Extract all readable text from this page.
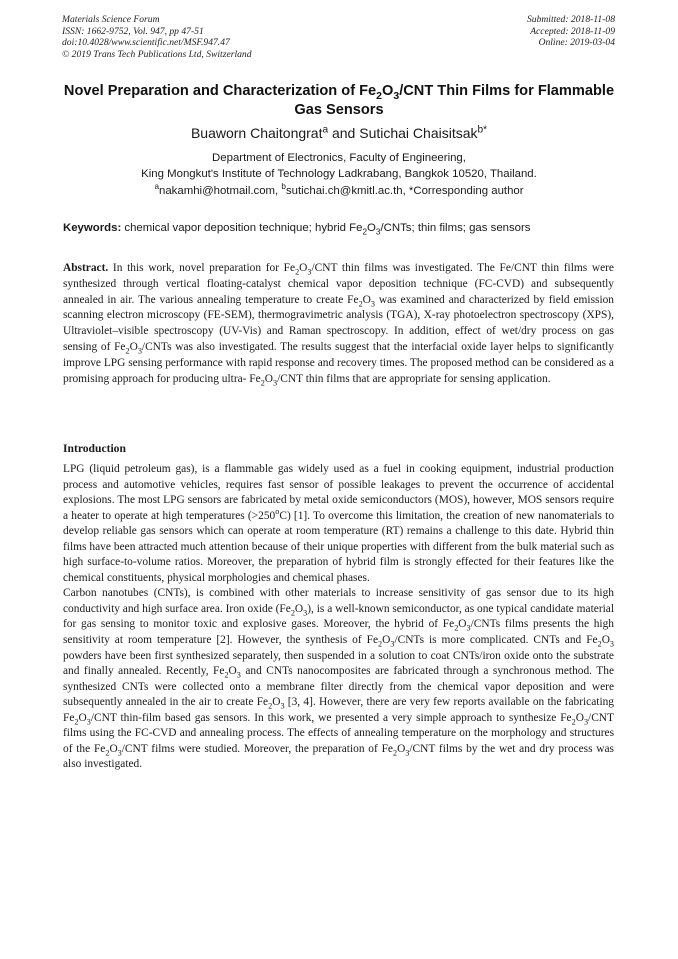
Materials Science Forum
ISSN: 1662-9752, Vol. 947, pp 47-51
doi:10.4028/www.scientific.net/MSF.947.47
© 2019 Trans Tech Publications Ltd, Switzerland
Submitted: 2018-11-08
Accepted: 2018-11-09
Online: 2019-03-04
Novel Preparation and Characterization of $Fe_2O_3$/CNT Thin Films for Flammable Gas Sensors
Buaworn Chaitongrat$^a$ and Sutichai Chaisitsak$^{b*}$
Department of Electronics, Faculty of Engineering,
King Mongkut's Institute of Technology Ladkrabang, Bangkok 10520, Thailand.
$^a$nakamhi@hotmail.com, $^b$sutichai.ch@kmitl.ac.th, *Corresponding author
Keywords: chemical vapor deposition technique; hybrid $Fe_2O_3$/CNTs; thin films; gas sensors
Abstract. In this work, novel preparation for $Fe_2O_3$/CNT thin films was investigated. The Fe/CNT thin films were synthesized through vertical floating-catalyst chemical vapor deposition technique (FC-CVD) and subsequently annealed in air. The various annealing temperature to create $Fe_2O_3$ was examined and characterized by field emission scanning electron microscopy (FE-SEM), thermogravimetric analysis (TGA), X-ray photoelectron spectroscopy (XPS), Ultraviolet–visible spectroscopy (UV-Vis) and Raman spectroscopy. In addition, effect of wet/dry process on gas sensing of $Fe_2O_3$/CNTs was also investigated. The results suggest that the interfacial oxide layer helps to significantly improve LPG sensing performance with rapid response and recovery times. The proposed method can be considered as a promising approach for producing ultra- $Fe_2O_3$/CNT thin films that are appropriate for sensing application.
Introduction

LPG (liquid petroleum gas), is a flammable gas widely used as a fuel in cooking equipment, industrial production process and automotive vehicles, requires fast sensor of possible leakages to prevent the occurrence of accidental explosions. The most LPG sensors are fabricated by metal oxide semiconductors (MOS), however, MOS sensors require a heater to operate at high temperatures $(>250^oC)$ [1]. To overcome this limitation, the creation of new nanomaterials to develop reliable gas sensors which can operate at room temperature (RT) remains a challenge to this date. Hybrid thin films have been attracted much attention because of their unique properties with different from the bulk material such as high surface-to-volume ratios. Moreover, the preparation of hybrid film is strongly effected for their features like the chemical constituents, physical morphologies and chemical phases.

Carbon nanotubes (CNTs), is combined with other materials to increase sensitivity of gas sensor due to its high conductivity and high surface area. Iron oxide $(Fe_2O_3)$, is a well-known semiconductor, as one typical candidate material for gas sensing to monitor toxic and explosive gases. Moreover, the hybrid of $Fe_2O_3$/CNTs films presents the high sensitivity at room temperature [2]. However, the synthesis of $Fe_2O_3$/CNTs is more complicated. CNTs and $Fe_2O_3$ powders have been first synthesized separately, then suspended in a solution to coat CNTs/iron oxide onto the substrate and finally annealed. Recently, $Fe_2O_3$ and CNTs nanocomposites are fabricated through a synchronous method. The synthesized CNTs were collected onto a membrane filter directly from the chemical vapor deposition and were subsequently annealed in the air to create $Fe_2O_3$ [3, 4]. However, there are very few reports available on the fabricating $Fe_2O_3$/CNT thin-film based gas sensors. In this work, we presented a very simple approach to synthesize $Fe_2O_3$/CNT films using the FC-CVD and annealing process. The effects of annealing temperature on the morphology and structures of the $Fe_2O_3$/CNT films were studied. Moreover, the preparation of $Fe_2O_3$/CNT films by the wet and dry process was also investigated.
